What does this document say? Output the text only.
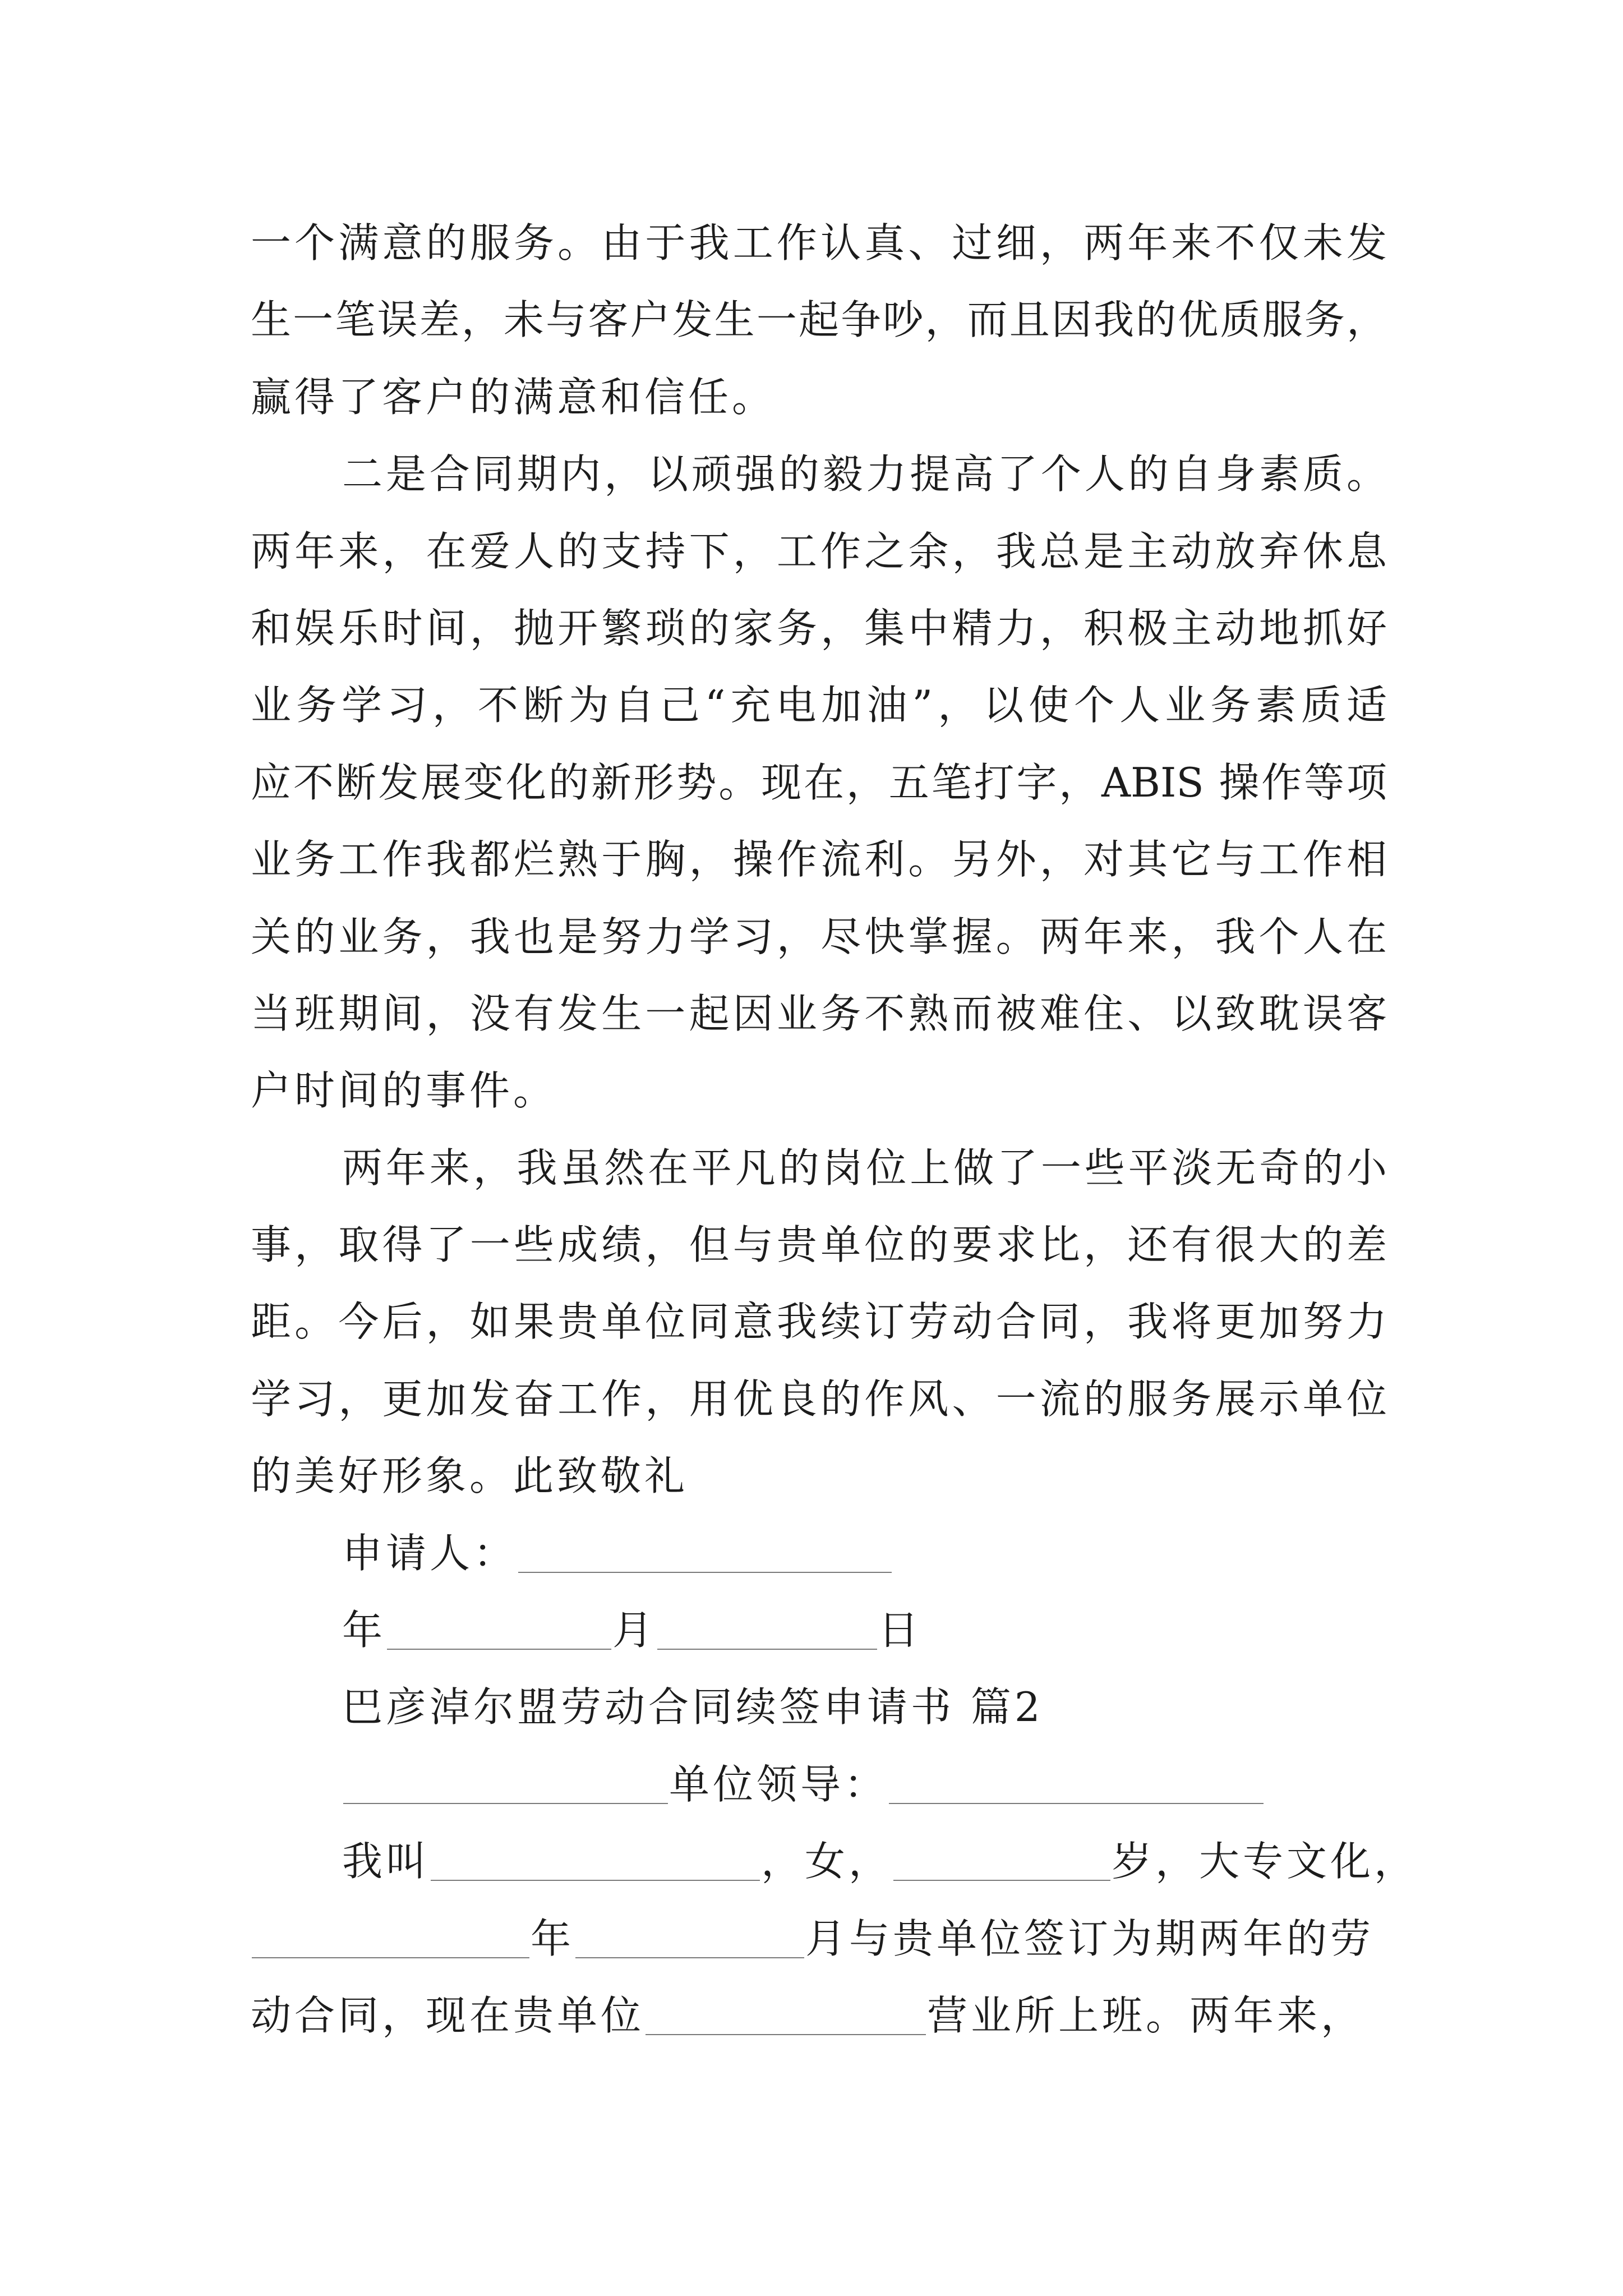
一个满意的服务。由于我工作认真、过细，两年来不仅未发
生一笔误差，未与客户发生一起争吵，而且因我的优质服务，
赢得了客户的满意和信任。
二是合同期内，以顽强的毅力提高了个人的自身素质。
两年来，在爱人的支持下，工作之余，我总是主动放弃休息
和娱乐时间，抛开繁琐的家务，集中精力，积极主动地抓好
业务学习，不断为自己“充电加油”，以使个人业务素质适
应不断发展变化的新形势。现在，五笔打字，ABIS 操作等项
业务工作我都烂熟于胸，操作流利。另外，对其它与工作相
关的业务，我也是努力学习，尽快掌握。两年来，我个人在
当班期间，没有发生一起因业务不熟而被难住、以致耽误客
户时间的事件。
两年来，我虽然在平凡的岗位上做了一些平淡无奇的小
事，取得了一些成绩，但与贵单位的要求比，还有很大的差
距。今后，如果贵单位同意我续订劳动合同，我将更加努力
学习，更加发奋工作，用优良的作风、一流的服务展示单位
的美好形象。此致敬礼
申请人：
年	月	日
巴彦淖尔盟劳动合同续签申请书 篇2
单位领导：
我叫	，女，	岁，大专文化，
年	月与贵单位签订为期两年的劳
动合同，现在贵单位	营业所上班。两年来，
